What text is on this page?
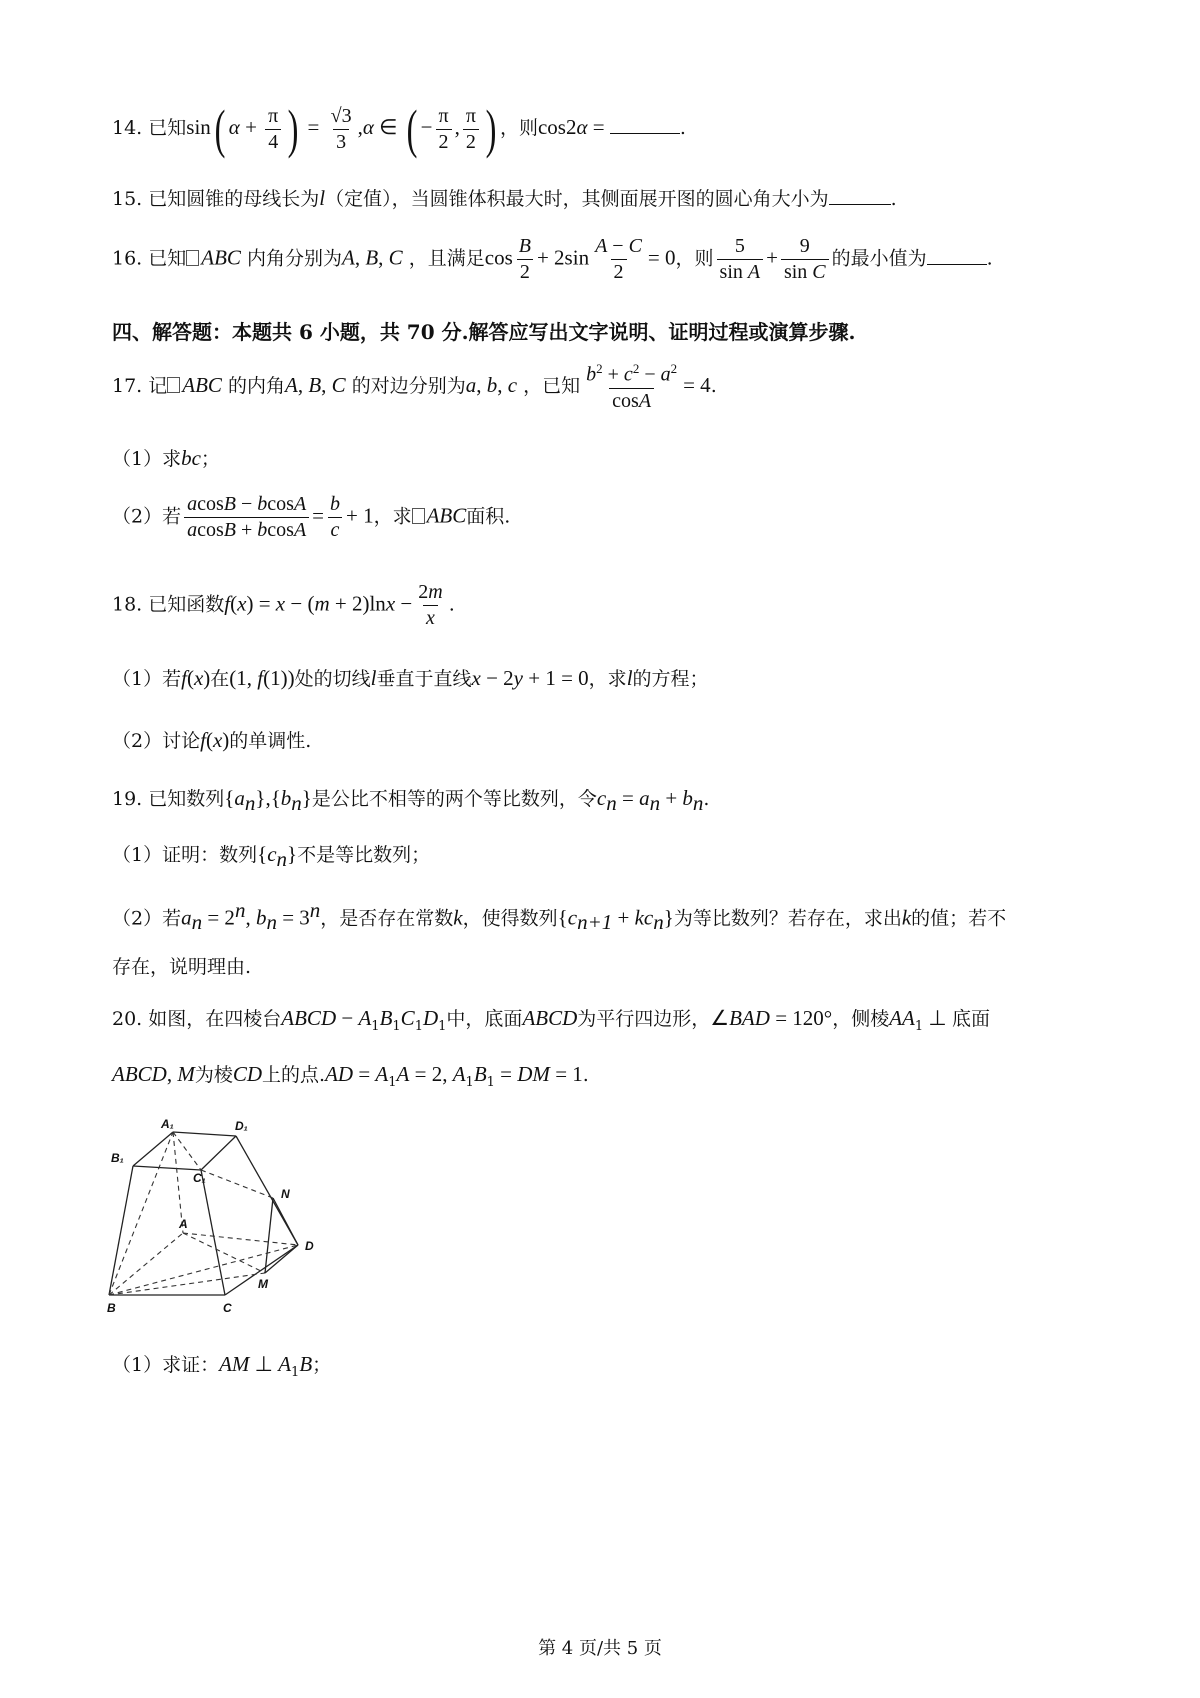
14. 已知sin( $\alpha + \frac{\pi}{4}$ ) = $\frac{√3}{3} ,\alpha$ ∈ ( − $\frac{\pi}{2}$ , $\frac{\pi}{2}$ ) ，则cos2α =	.
15. 已知圆锥的母线长为l（定值），当圆锥体积最大时，其侧面展开图的圆心角大小为	.
16. 已知 ABC 内角分别为A, B, C ，且满足$\cos \frac{B}{2} + 2\sin \frac{A - C}{2} = 0$，则 $\frac{5}{\text{sin A}} + \frac{9}{\text{sin C}}$ 的最小值为	.
四、解答题：本题共 6 小题，共 70 分.解答应写出文字说明、证明过程或演算步骤.
17. 记 ABC 的内角A, B, C 的对边分别为a, b, c ，已知 $\frac{b^2 + c^2 - a^2}{\cos A} = 4$.
（1）求bc；
（2）若 $\frac{acosB - bcosA}{acosB + bcosA} = \frac{b}{c} + 1$，求 ABC面积.
18. 已知函数$f(x) = x - (m + 2)\ln x - \frac{2m}{x}$ .
（1）若f(x)在(1, f(1))处的切线l垂直于直线x − 2y + 1 = 0，求l的方程；
（2）讨论f(x)的单调性.
19. 已知数列$\{a_n\},\{b_n\}$是公比不相等的两个等比数列，令$c_n = a_n + b_n$.
（1）证明：数列$\{c_n\}$不是等比数列；
（2）若$a_n = 2^n$, $b_n = 3^n$，是否存在常数k，使得数列$\{c_{n+1} + kc_n\}$为等比数列？若存在，求出k的值；若不
存在，说明理由.
20. 如图，在四棱台ABCD − $A_1B_1C_1D_1$中，底面ABCD为平行四边形，∠BAD = 120°，侧棱$AA_1$ ⊥ 底面
ABCD, M为棱CD上的点$.AD = A_1A = 2$, $A_1B_1$ = DM = 1.
A₁	D₁
B₁
C₁
N
A
D
M
B	C
（1）求证：AM ⊥ $A_1B$；
第 4 页/共 5 页
